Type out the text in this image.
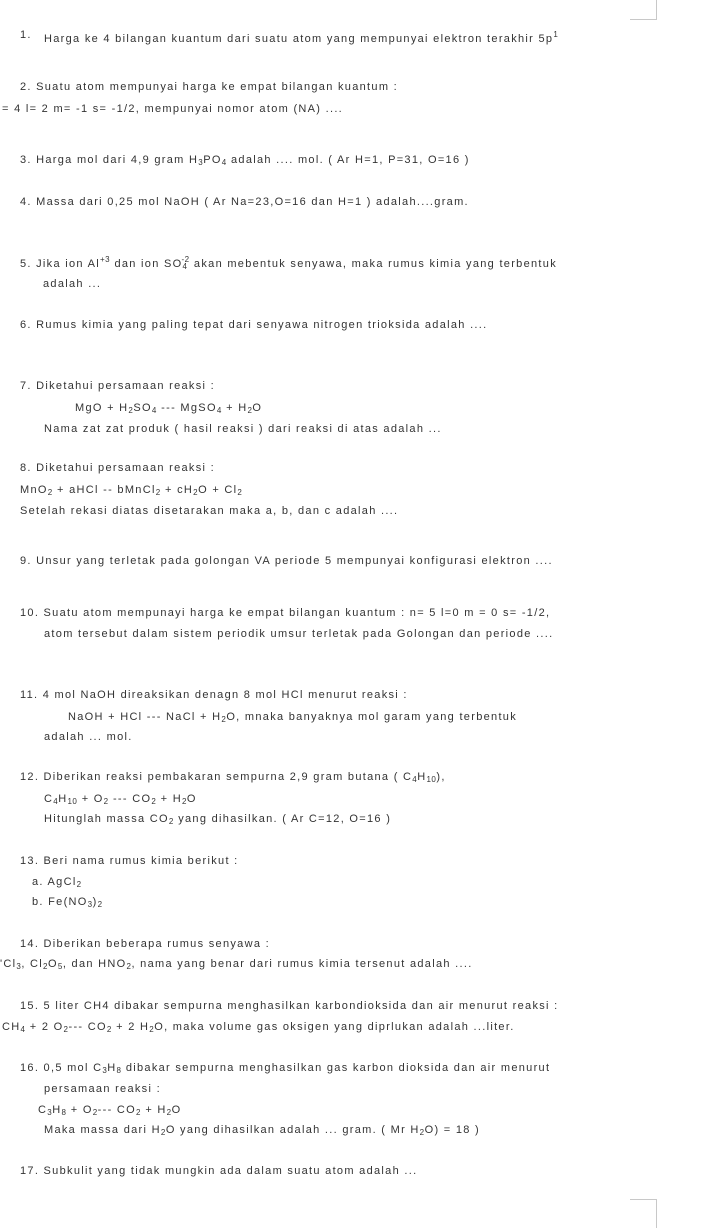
1. Harga ke 4 bilangan kuantum dari suatu atom yang mempunyai elektron terakhir $5p^1$
2. Suatu atom mempunyai harga ke empat bilangan kuantum :
= 4 l= 2 m= -1 s= -1/2, mempunyai nomor atom (NA) ....
3. Harga mol dari 4,9 gram $H_3PO_4$ adalah .... mol. ( Ar H=1, P=31, O=16 )
4. Massa dari 0,25 mol NaOH ( Ar Na=23,O=16 dan H=1 ) adalah....gram.
5. Jika ion $Al^{+3}$ dan ion $SO_4^{-2}$ akan mebentuk senyawa, maka rumus kimia yang terbentuk
adalah ...
6. Rumus kimia yang paling tepat dari senyawa nitrogen trioksida adalah ....
7. Diketahui persamaan reaksi :
MgO + $H_2SO_4$ --- MgSO$_4$ + $H_2O$
Nama zat zat produk ( hasil reaksi ) dari reaksi di atas adalah ...
8. Diketahui persamaan reaksi :
MnO$_2$ + aHCl -- bMnCl$_2$ + $cH_2O + Cl_2$
Setelah rekasi diatas disetarakan maka a, b, dan c adalah ....
9. Unsur yang terletak pada golongan VA periode 5 mempunyai konfigurasi elektron ....
10. Suatu atom mempunayi harga ke empat bilangan kuantum : n= 5 l=0 m = 0 s= -1/2,
atom tersebut dalam sistem periodik umsur terletak pada Golongan dan periode ....
11. 4 mol NaOH direaksikan denagn 8 mol HCl menurut reaksi :
NaOH + HCl --- NaCl + $H_2O$, mnaka banyaknya mol garam yang terbentuk
adalah ... mol.
12. Diberikan reaksi pembakaran sempurna 2,9 gram butana ( $C_4H_{10}$),
$C_4H_{10} + O_2$ --- $CO_2 + H_2O$
Hitunglah massa $CO_2$ yang dihasilkan. ( Ar C=12, O=16 )
13. Beri nama rumus kimia berikut :
a. AgCl$_2$
b. $Fe(NO_3)_2$
14. Diberikan beberapa rumus senyawa :
'$Cl_3$, $Cl_2O_5$, dan $HNO_2$, nama yang benar dari rumus kimia tersenut adalah ....
15. 5 liter CH4 dibakar sempurna menghasilkan karbondioksida dan air menurut reaksi :
$CH_4 + 2$ $O_2---$ $CO_2 + 2$ $H_2O$, maka volume gas oksigen yang diprlukan adalah ...liter.
16. 0,5 mol $C_3H_8$ dibakar sempurna menghasilkan gas karbon dioksida dan air menurut
persamaan reaksi :
$C_3H_8 + O_2---$ $CO_2 + H_2O$
Maka massa dari $H_2O$ yang dihasilkan adalah ... gram. ( Mr $H_2O) = 18$ )
17. Subkulit yang tidak mungkin ada dalam suatu atom adalah ...
